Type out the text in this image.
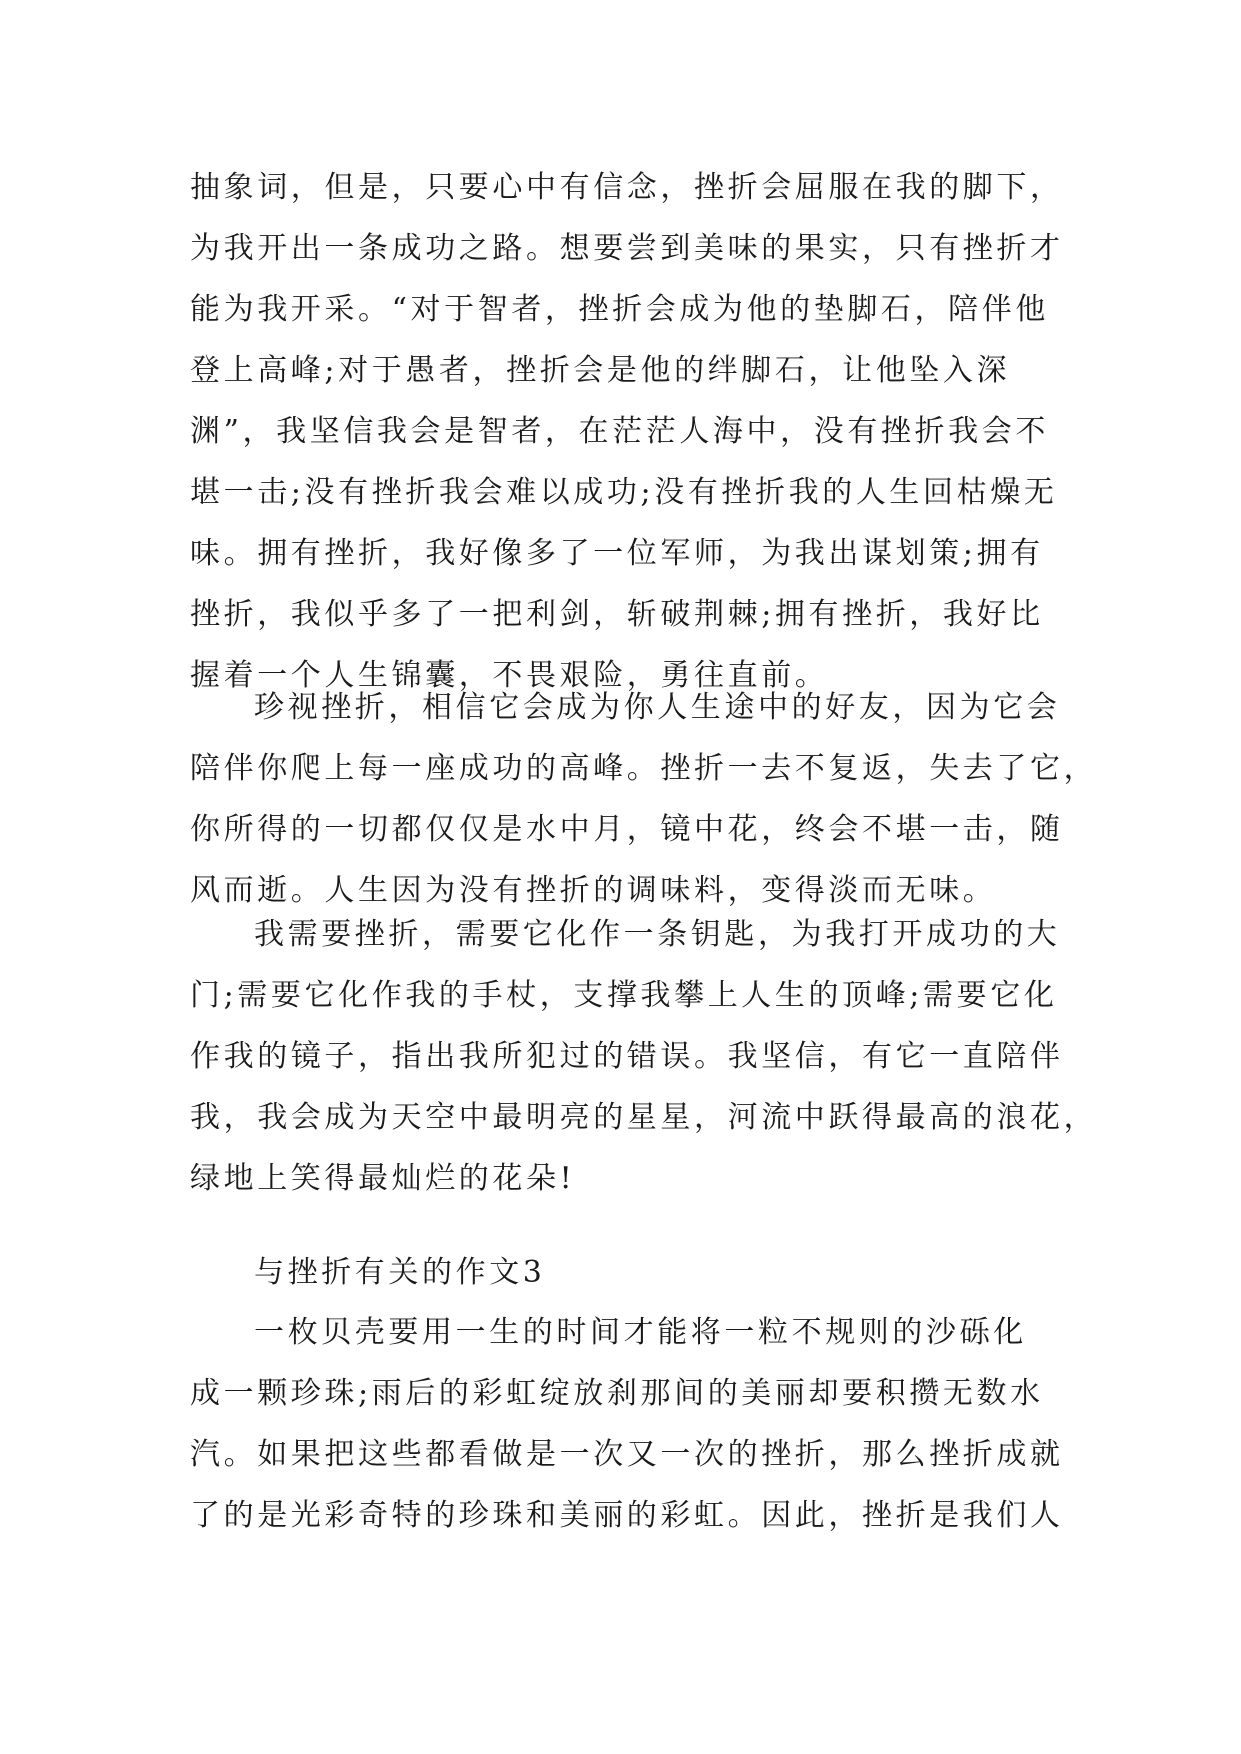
抽象词，但是，只要心中有信念，挫折会屈服在我的脚下，
为我开出一条成功之路。想要尝到美味的果实，只有挫折才
能为我开采。“对于智者，挫折会成为他的垫脚石，陪伴他
登上高峰;对于愚者，挫折会是他的绊脚石，让他坠入深
渊”，我坚信我会是智者，在茫茫人海中，没有挫折我会不
堪一击;没有挫折我会难以成功;没有挫折我的人生回枯燥无
味。拥有挫折，我好像多了一位军师，为我出谋划策;拥有
挫折，我似乎多了一把利剑，斩破荆棘;拥有挫折，我好比
握着一个人生锦囊，不畏艰险，勇往直前。
珍视挫折，相信它会成为你人生途中的好友，因为它会
陪伴你爬上每一座成功的高峰。挫折一去不复返，失去了它，
你所得的一切都仅仅是水中月，镜中花，终会不堪一击，随
风而逝。人生因为没有挫折的调味料，变得淡而无味。
我需要挫折，需要它化作一条钥匙，为我打开成功的大
门;需要它化作我的手杖，支撑我攀上人生的顶峰;需要它化
作我的镜子，指出我所犯过的错误。我坚信，有它一直陪伴
我，我会成为天空中最明亮的星星，河流中跃得最高的浪花，
绿地上笑得最灿烂的花朵!
与挫折有关的作文3
一枚贝壳要用一生的时间才能将一粒不规则的沙砾化
成一颗珍珠;雨后的彩虹绽放刹那间的美丽却要积攒无数水
汽。如果把这些都看做是一次又一次的挫折，那么挫折成就
了的是光彩奇特的珍珠和美丽的彩虹。因此，挫折是我们人
